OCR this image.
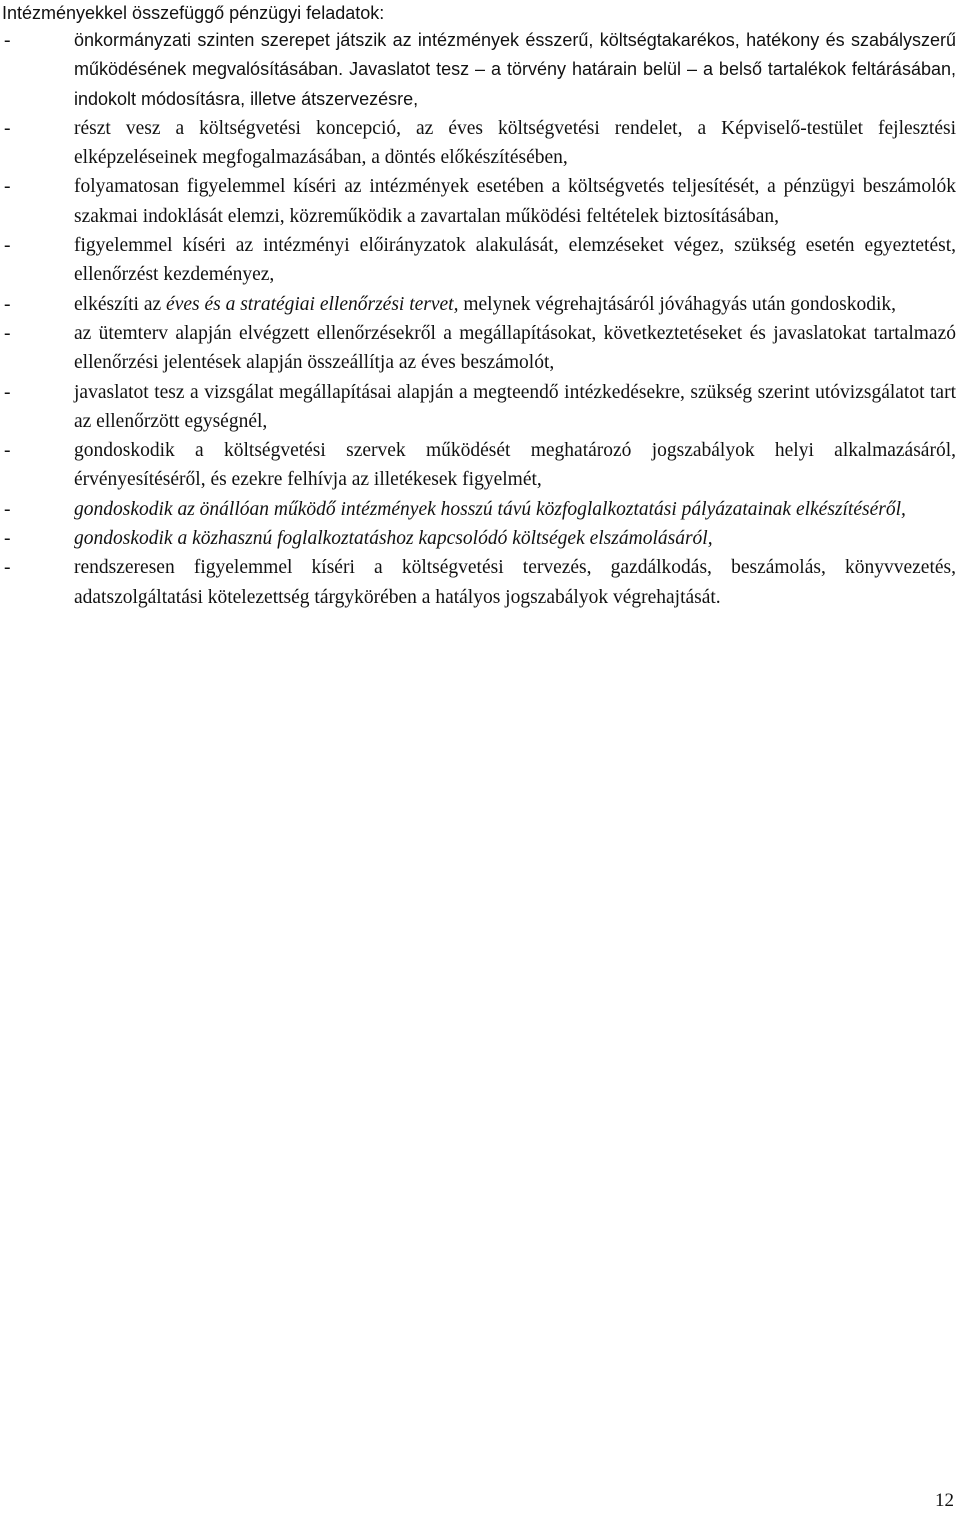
Intézményekkel összefüggő pénzügyi feladatok:
- önkormányzati szinten szerepet játszik az intézmények ésszerű, költségtakarékos, hatékony és szabályszerű működésének megvalósításában. Javaslatot tesz – a törvény határain belül – a belső tartalékok feltárásában, indokolt módosításra, illetve átszervezésre,
- részt vesz a költségvetési koncepció, az éves költségvetési rendelet, a Képviselő-testület fejlesztési elképzeléseinek megfogalmazásában, a döntés előkészítésében,
- folyamatosan figyelemmel kíséri az intézmények esetében a költségvetés teljesítését, a pénzügyi beszámolók szakmai indoklását elemzi, közreműködik a zavartalan működési feltételek biztosításában,
- figyelemmel kíséri az intézményi előirányzatok alakulását, elemzéseket végez, szükség esetén egyeztetést, ellenőrzést kezdeményez,
- elkészíti az éves és a stratégiai ellenőrzési tervet, melynek végrehajtásáról jóváhagyás után gondoskodik,
- az ütemterv alapján elvégzett ellenőrzésekről a megállapításokat, következtetéseket és javaslatokat tartalmazó ellenőrzési jelentések alapján összeállítja az éves beszámolót,
- javaslatot tesz a vizsgálat megállapításai alapján a megteendő intézkedésekre, szükség szerint utóvizsgálatot tart az ellenőrzött egységnél,
- gondoskodik a költségvetési szervek működését meghatározó jogszabályok helyi alkalmazásáról, érvényesítéséről, és ezekre felhívja az illetékesek figyelmét,
- gondoskodik az önállóan működő intézmények hosszú távú közfoglalkoztatási pályázatainak elkészítéséről,
- gondoskodik a közhasznú foglalkoztatáshoz kapcsolódó költségek elszámolásáról,
- rendszeresen figyelemmel kíséri a költségvetési tervezés, gazdálkodás, beszámolás, könyvvezetés, adatszolgáltatási kötelezettség tárgykörében a hatályos jogszabályok végrehajtását.
12
